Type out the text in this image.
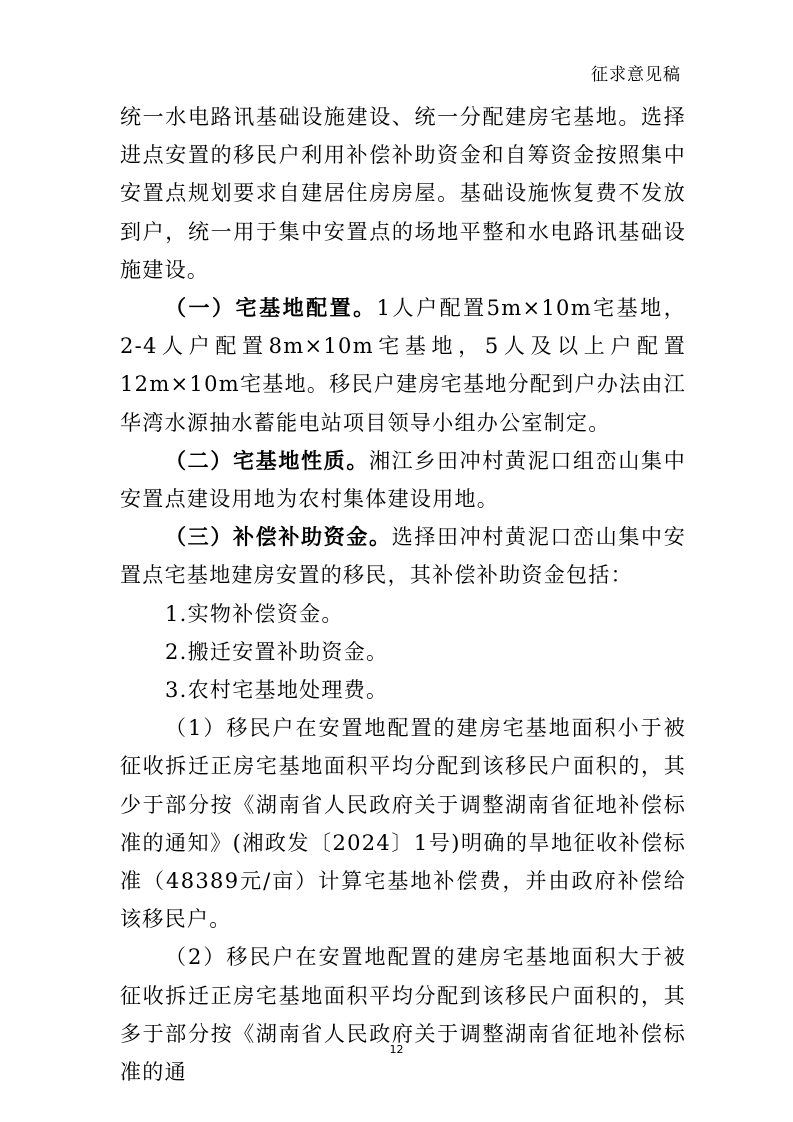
征求意见稿

统一水电路讯基础设施建设、统一分配建房宅基地。选择进点安置的移民户利用补偿补助资金和自筹资金按照集中安置点规划要求自建居住房房屋。基础设施恢复费不发放到户，统一用于集中安置点的场地平整和水电路讯基础设施建设。

（一）宅基地配置。1人户配置5m×10m宅基地，2-4人户配置8m×10m宅基地，5人及以上户配置12m×10m宅基地。移民户建房宅基地分配到户办法由江华湾水源抽水蓄能电站项目领导小组办公室制定。

（二）宅基地性质。湘江乡田冲村黄泥口组峦山集中安置点建设用地为农村集体建设用地。

（三）补偿补助资金。选择田冲村黄泥口峦山集中安置点宅基地建房安置的移民，其补偿补助资金包括：

1.实物补偿资金。

2.搬迁安置补助资金。

3.农村宅基地处理费。

（1）移民户在安置地配置的建房宅基地面积小于被征收拆迁正房宅基地面积平均分配到该移民户面积的，其少于部分按《湖南省人民政府关于调整湖南省征地补偿标准的通知》(湘政发〔2024〕1号)明确的旱地征收补偿标准（48389元/亩）计算宅基地补偿费，并由政府补偿给该移民户。

（2）移民户在安置地配置的建房宅基地面积大于被征收拆迁正房宅基地面积平均分配到该移民户面积的，其多于部分按《湖南省人民政府关于调整湖南省征地补偿标准的通

12
